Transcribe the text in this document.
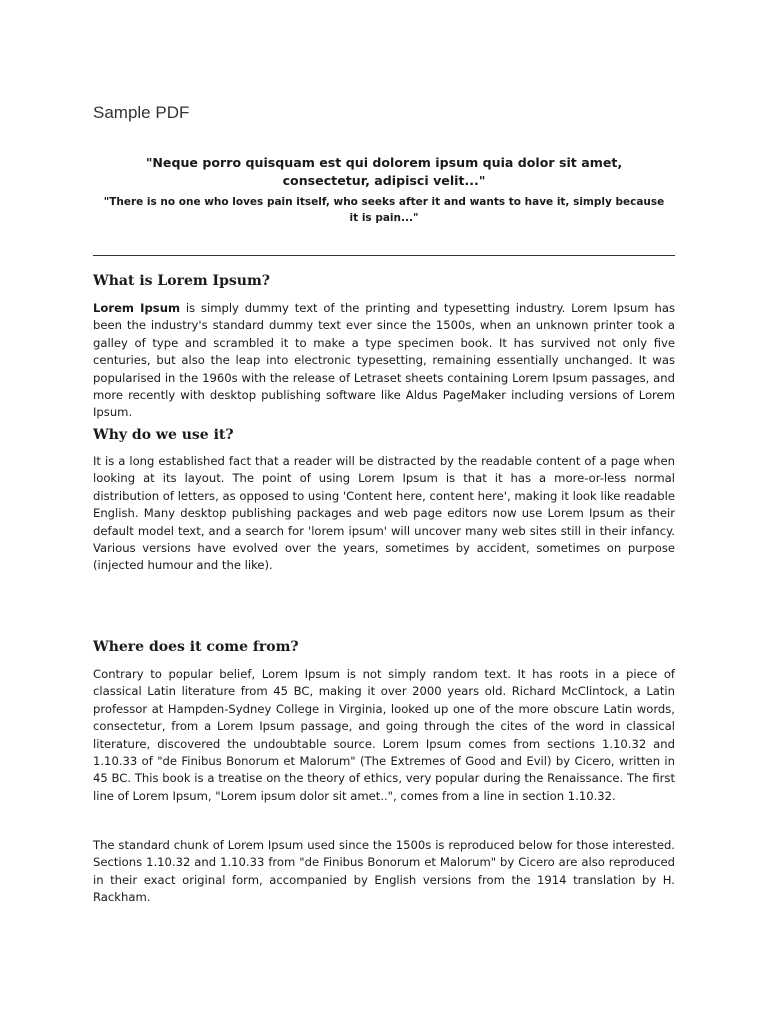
Sample PDF
"Neque porro quisquam est qui dolorem ipsum quia dolor sit amet, consectetur, adipisci velit..."
"There is no one who loves pain itself, who seeks after it and wants to have it, simply because it is pain..."
What is Lorem Ipsum?
Lorem Ipsum is simply dummy text of the printing and typesetting industry. Lorem Ipsum has been the industry's standard dummy text ever since the 1500s, when an unknown printer took a galley of type and scrambled it to make a type specimen book. It has survived not only five centuries, but also the leap into electronic typesetting, remaining essentially unchanged. It was popularised in the 1960s with the release of Letraset sheets containing Lorem Ipsum passages, and more recently with desktop publishing software like Aldus PageMaker including versions of Lorem Ipsum.
Why do we use it?
It is a long established fact that a reader will be distracted by the readable content of a page when looking at its layout. The point of using Lorem Ipsum is that it has a more-or-less normal distribution of letters, as opposed to using 'Content here, content here', making it look like readable English. Many desktop publishing packages and web page editors now use Lorem Ipsum as their default model text, and a search for 'lorem ipsum' will uncover many web sites still in their infancy. Various versions have evolved over the years, sometimes by accident, sometimes on purpose (injected humour and the like).
Where does it come from?
Contrary to popular belief, Lorem Ipsum is not simply random text. It has roots in a piece of classical Latin literature from 45 BC, making it over 2000 years old. Richard McClintock, a Latin professor at Hampden-Sydney College in Virginia, looked up one of the more obscure Latin words, consectetur, from a Lorem Ipsum passage, and going through the cites of the word in classical literature, discovered the undoubtable source. Lorem Ipsum comes from sections 1.10.32 and 1.10.33 of "de Finibus Bonorum et Malorum" (The Extremes of Good and Evil) by Cicero, written in 45 BC. This book is a treatise on the theory of ethics, very popular during the Renaissance. The first line of Lorem Ipsum, "Lorem ipsum dolor sit amet..", comes from a line in section 1.10.32.
The standard chunk of Lorem Ipsum used since the 1500s is reproduced below for those interested. Sections 1.10.32 and 1.10.33 from "de Finibus Bonorum et Malorum" by Cicero are also reproduced in their exact original form, accompanied by English versions from the 1914 translation by H. Rackham.
